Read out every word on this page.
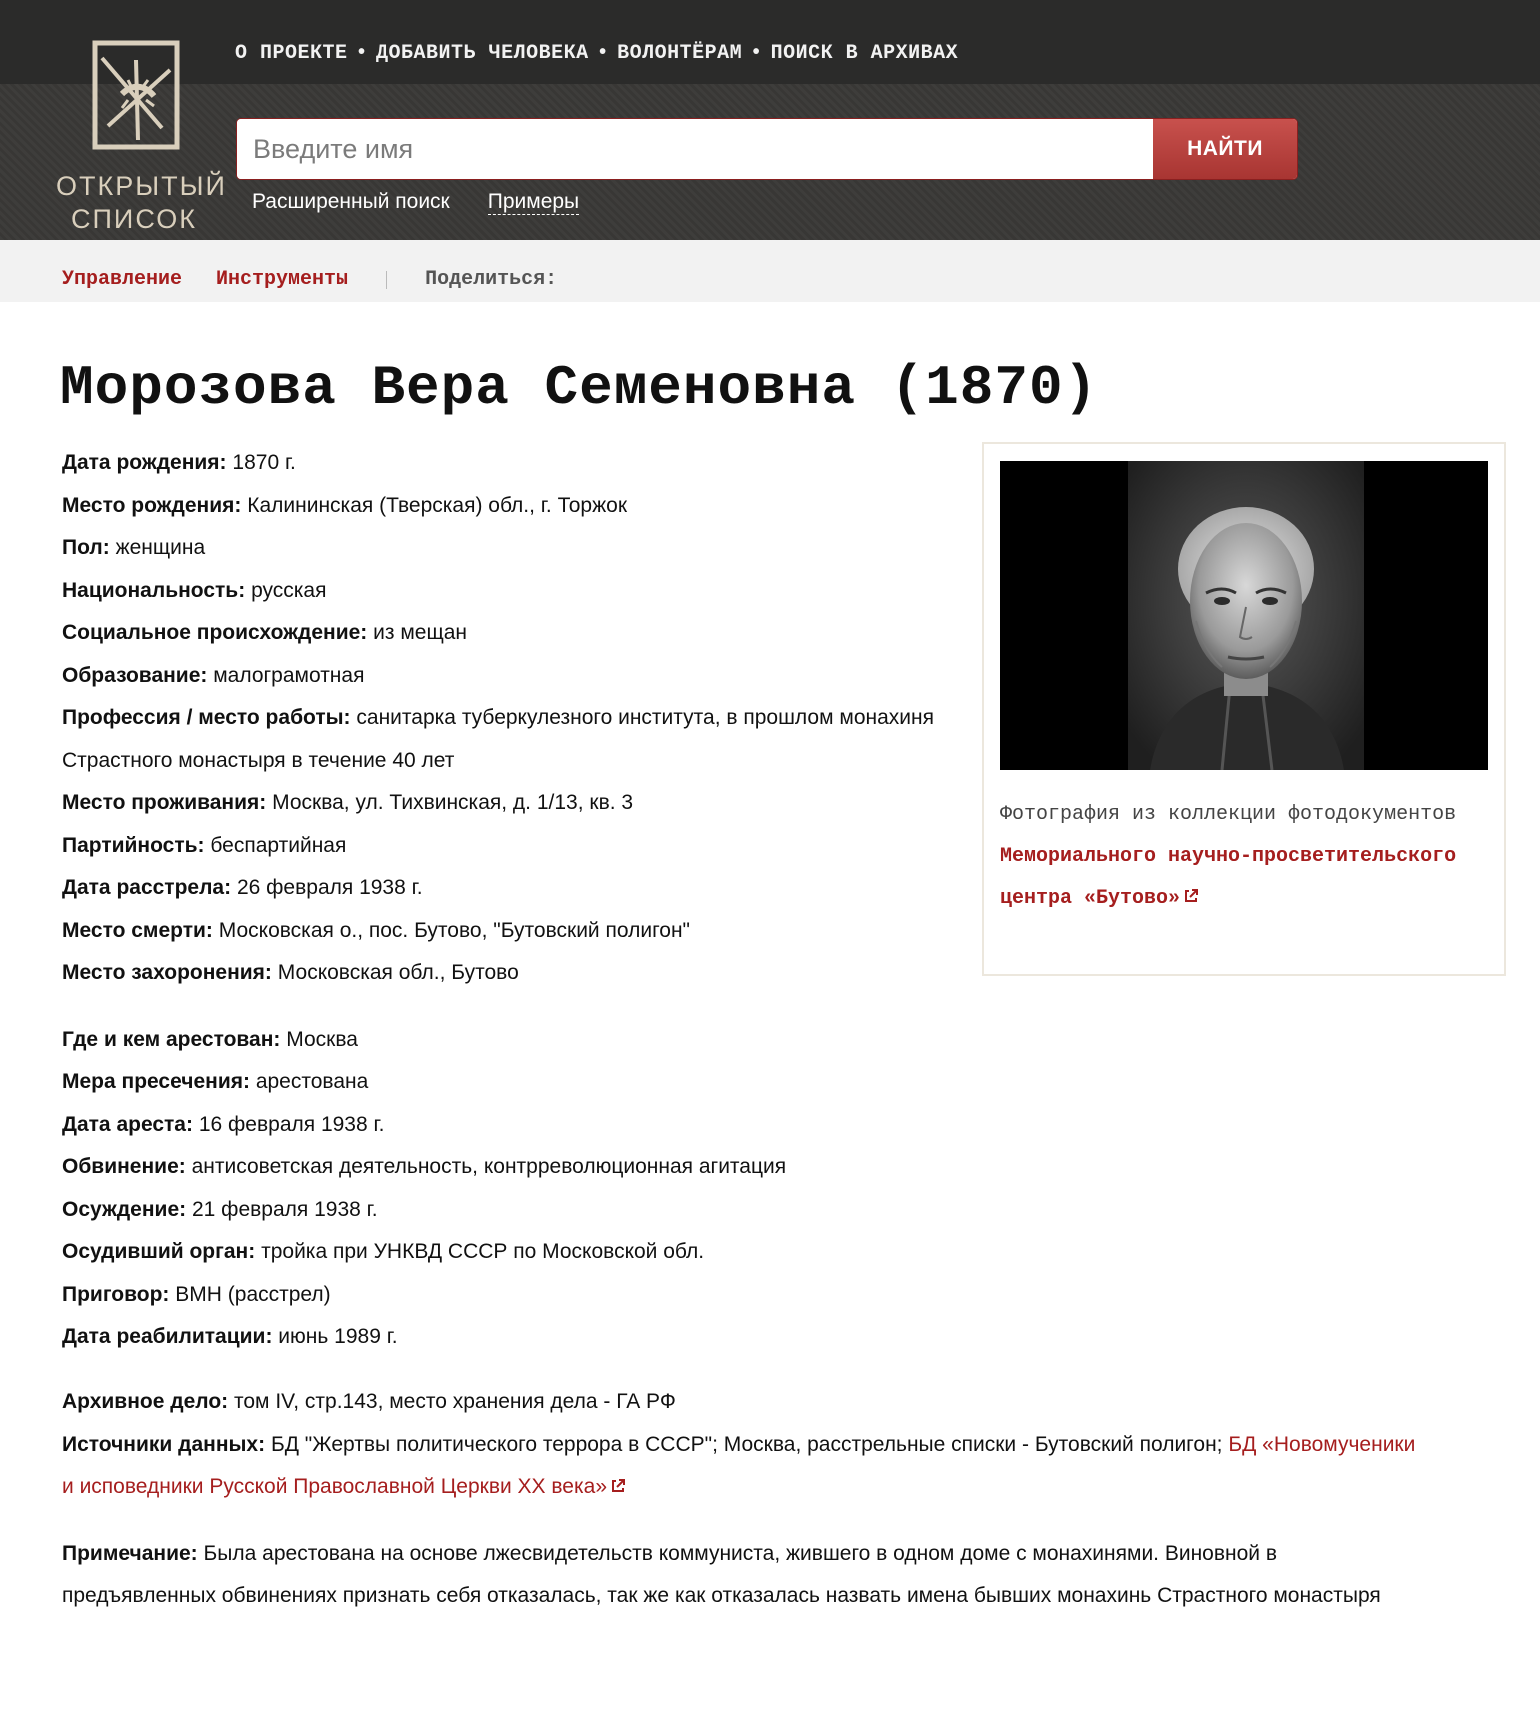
ОТКРЫТЫЙ
СПИСОК
О ПРОЕКТЕ • ДОБАВИТЬ ЧЕЛОВЕКА • ВОЛОНТЁРАМ • ПОИСК В АРХИВАХ
Введите имя
НАЙТИ
Расширенный поиск Примеры
Управление Инструменты	Поделиться:
Морозова Вера Семеновна (1870)
Дата рождения: 1870 г.
Место рождения: Калининская (Тверская) обл., г. Торжок
Пол: женщина
Национальность: русская
Социальное происхождение: из мещан
Образование: малограмотная
Профессия / место работы: санитарка туберкулезного института, в прошлом монахиня Страстного монастыря в течение 40 лет
Место проживания: Москва, ул. Тихвинская, д. 1/13, кв. 3
Партийность: беспартийная
Дата расстрела: 26 февраля 1938 г.
Место смерти: Московская о., пос. Бутово, "Бутовский полигон"
Место захоронения: Московская обл., Бутово
Где и кем арестован: Москва
Мера пресечения: арестована
Дата ареста: 16 февраля 1938 г.
Обвинение: антисоветская деятельность, контрреволюционная агитация
Осуждение: 21 февраля 1938 г.
Осудивший орган: тройка при УНКВД СССР по Московской обл.
Приговор: ВМН (расстрел)
Дата реабилитации: июнь 1989 г.
Архивное дело: том IV, стр.143, место хранения дела - ГА РФ
Источники данных: БД "Жертвы политического террора в СССР"; Москва, расстрельные списки - Бутовский полигон; БД «Новомученики и исповедники Русской Православной Церкви XX века»
Примечание: Была арестована на основе лжесвидетельств коммуниста, жившего в одном доме с монахинями. Виновной в предъявленных обвинениях признать себя отказалась, так же как отказалась назвать имена бывших монахинь Страстного монастыря
Фотография из коллекции фотодокументов Мемориального научно-просветительского центра «Бутово»
